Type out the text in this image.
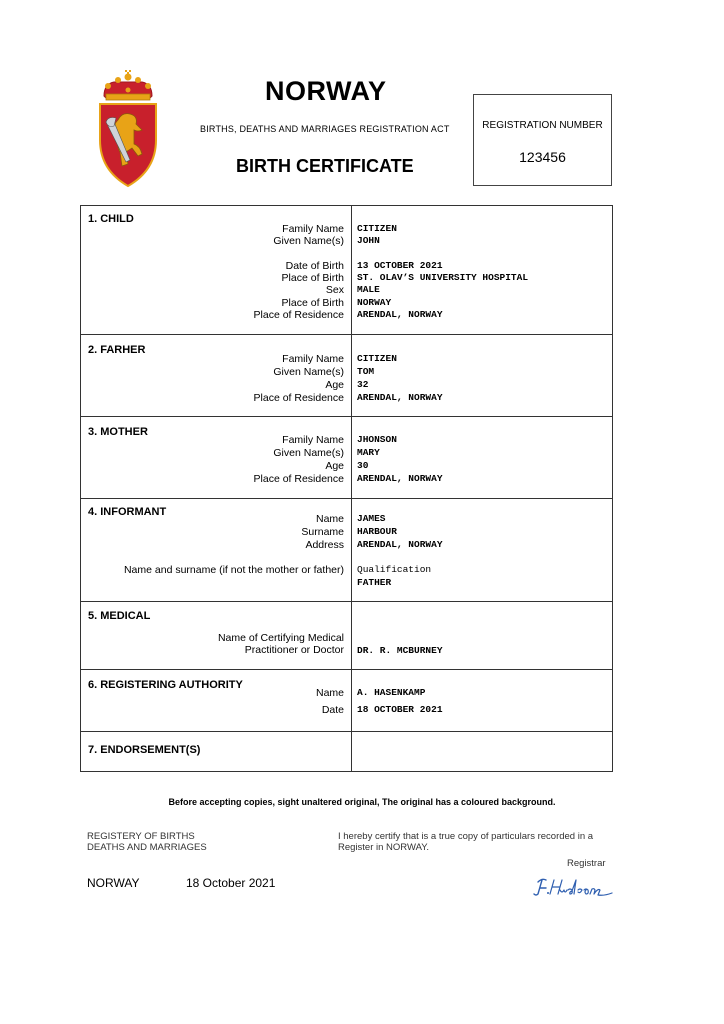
NORWAY
BIRTHS, DEATHS AND MARRIAGES REGISTRATION ACT
BIRTH CERTIFICATE
REGISTRATION NUMBER
123456
1. CHILD
Family Name CITIZEN
Given Name(s) JOHN
Date of Birth 13 OCTOBER 2021
Place of Birth ST. OLAV’S UNIVERSITY HOSPITAL
Sex MALE
Place of Birth NORWAY
Place of Residence ARENDAL, NORWAY
2. FARHER
Family Name CITIZEN
Given Name(s) TOM
Age 32
Place of Residence ARENDAL, NORWAY
3. MOTHER
Family Name JHONSON
Given Name(s) MARY
Age 30
Place of Residence ARENDAL, NORWAY
4. INFORMANT
Name JAMES
Surname HARBOUR
Address ARENDAL, NORWAY
Name and surname (if not the mother or father) Qualification
FATHER
5. MEDICAL
Name of Certifying Medical
Practitioner or Doctor DR. R. MCBURNEY
6. REGISTERING AUTHORITY
Name A. HASENKAMP
Date 18 OCTOBER 2021
7. ENDORSEMENT(S)
Before accepting copies, sight unaltered original, The original has a coloured background.
REGISTERY OF BIRTHS
DEATHS AND MARRIAGES
I hereby certify that is a true copy of particulars recorded in a Register in NORWAY.
Registrar
NORWAY	18 October 2021
